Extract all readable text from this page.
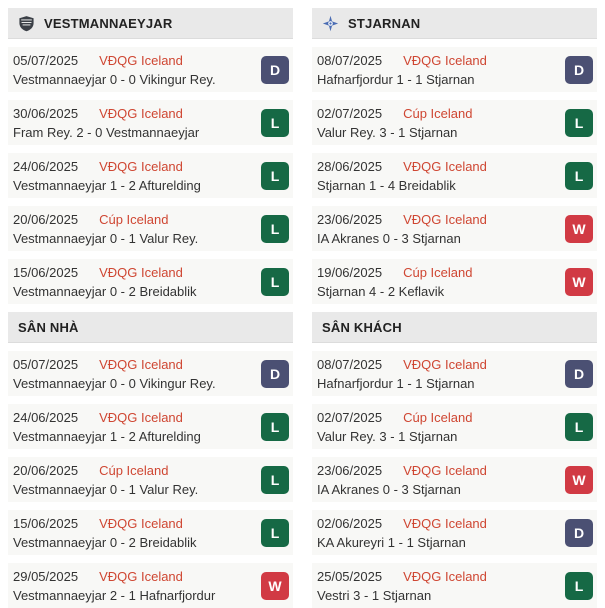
VESTMANNAEYJAR
05/07/2025 VĐQG Iceland
Vestmannaeyjar 0 - 0 Vikingur Rey.
D
30/06/2025 VĐQG Iceland
Fram Rey. 2 - 0 Vestmannaeyjar
L
24/06/2025 VĐQG Iceland
Vestmannaeyjar 1 - 2 Afturelding
L
20/06/2025 Cúp Iceland
Vestmannaeyjar 0 - 1 Valur Rey.
L
15/06/2025 VĐQG Iceland
Vestmannaeyjar 0 - 2 Breidablik
L
SÂN NHÀ
05/07/2025 VĐQG Iceland
Vestmannaeyjar 0 - 0 Vikingur Rey.
D
24/06/2025 VĐQG Iceland
Vestmannaeyjar 1 - 2 Afturelding
L
20/06/2025 Cúp Iceland
Vestmannaeyjar 0 - 1 Valur Rey.
L
15/06/2025 VĐQG Iceland
Vestmannaeyjar 0 - 2 Breidablik
L
29/05/2025 VĐQG Iceland
Vestmannaeyjar 2 - 1 Hafnarfjordur
W
STJARNAN
08/07/2025 VĐQG Iceland
Hafnarfjordur 1 - 1 Stjarnan
D
02/07/2025 Cúp Iceland
Valur Rey. 3 - 1 Stjarnan
L
28/06/2025 VĐQG Iceland
Stjarnan 1 - 4 Breidablik
L
23/06/2025 VĐQG Iceland
IA Akranes 0 - 3 Stjarnan
W
19/06/2025 Cúp Iceland
Stjarnan 4 - 2 Keflavik
W
SÂN KHÁCH
08/07/2025 VĐQG Iceland
Hafnarfjordur 1 - 1 Stjarnan
D
02/07/2025 Cúp Iceland
Valur Rey. 3 - 1 Stjarnan
L
23/06/2025 VĐQG Iceland
IA Akranes 0 - 3 Stjarnan
W
02/06/2025 VĐQG Iceland
KA Akureyri 1 - 1 Stjarnan
D
25/05/2025 VĐQG Iceland
Vestri 3 - 1 Stjarnan
L
